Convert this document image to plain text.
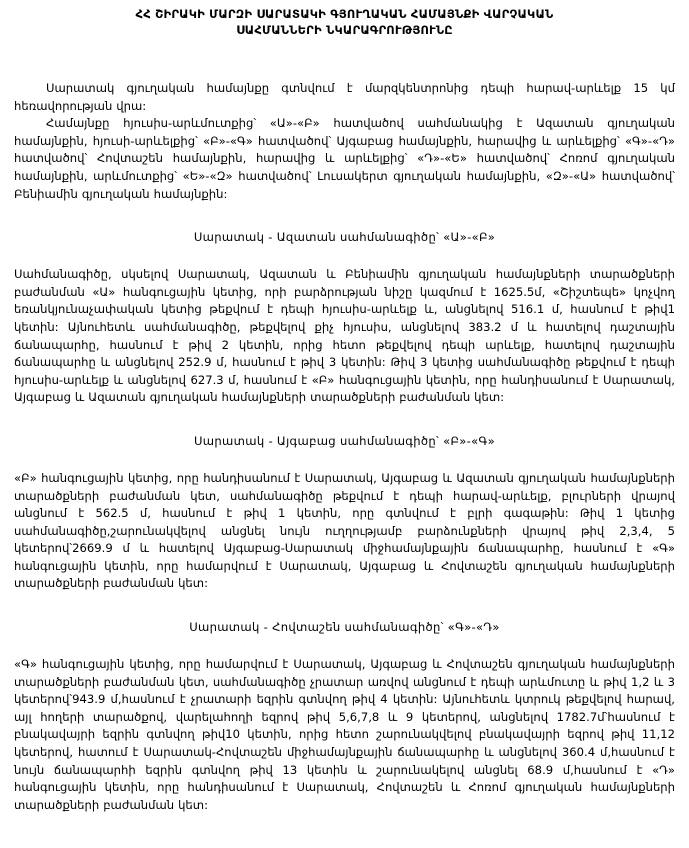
ՀՀ ՇԻՐԱԿԻ ՄԱՐԶԻ ՍԱՐԱՏԱԿԻ ԳՅՈՒՂԱԿԱՆ ՀԱՄԱՅՆՔԻ ՎԱՐՉԱԿԱՆ
ՍԱՀՄԱՆՆԵՐԻ ՆԿԱՐԱԳՐՈՒԹՅՈՒՆԸ

Սարատակ գյուղական համայնքը գտնվում է մարզկենտրոնից դեպի հարավ-արևելք 15 կմ հեռավորության վրա:

Համայնքը հյուսիս-արևմուտքից՝ «Ա»-«Բ» հատվածով սահմանակից է Ազատան գյուղական համայնքին, հյուսի-արևելքից՝ «Բ»-«Գ» հատվածով՝ Այգաբաց համայնքին, հարավից և արևելքից՝ «Գ»-«Դ» հատվածով՝ Հովտաշեն համայնքին, հարավից և արևելքից՝ «Դ»-«Ե» հատվածով՝ Հոռոմ գյուղական համայնքին, արևմուտքից՝ «Ե»-«Զ» հատվածով՝ Լուսակերտ գյուղական համայնքին, «Զ»-«Ա» հատվածով՝ Բենիամին գյուղական համայնքին:

Սարատակ - Ազատան սահմանագիծը՝ «Ա»-«Բ»

Սահմանագիծը, սկսելով Սարատակ, Ազատան և Բենիամին գյուղական համայնքների տարածքների բաժանման «Ա» հանգուցային կետից, որի բարձրության նիշը կազմում է 1625.5մ, «Շիշտեպե» կոչվող եռանկյունաչափական կետից թեքվում է դեպի հյուսիս-արևելք և, անցնելով 516.1 մ, հասնում է թիվ1 կետին: Այնուհետև սահմանագիծը, թեքվելով քիչ հյուսիս, անցնելով 383.2 մ և հատելով դաշտային ճանապարհը, հասնում է թիվ 2 կետին, որից հետո թեքվելով դեպի արևելք, հատելով դաշտային ճանապարհը և անցնելով 252.9 մ, հասնում է թիվ 3 կետին: Թիվ 3 կետից սահմանագիծը թեքվում է դեպի հյուսիս-արևելք և անցնելով 627.3 մ, հասնում է «Բ» հանգուցային կետին, որը հանդիսանում է Սարատակ, Այգաբաց և Ազատան գյուղական համայնքների տարածքների բաժանման կետ:

Սարատակ - Այգաբաց սահմանագիծը՝ «Բ»-«Գ»

«Բ» հանգուցային կետից, որը հանդիսանում է Սարատակ, Այգաբաց և Ազատան գյուղական համայնքների տարածքների բաժանման կետ, սահմանագիծը թեքվում է դեպի հարավ-արևելք, բլուրների վրայով անցնում է 562.5 մ, հասնում է թիվ 1 կետին, որը գտնվում է բլրի գագաթին: Թիվ 1 կետից սահմանագիծը,շարունակվելով անցնել նույն ուղղությամբ բարձունքների վրայով թիվ 2,3,4, 5 կետերով՝2669.9 մ և հատելով Այգաբաց-Սարատակ միջհամայնքային ճանապարհը, հասնում է «Գ» հանգուցային կետին, որը համարվում է Սարատակ, Այգաբաց և Հովտաշեն գյուղական համայնքների տարածքների բաժանման կետ:

Սարատակ - Հովտաշեն սահմանագիծը՝ «Գ»-«Դ»

«Գ» հանգուցային կետից, որը համարվում է Սարատակ, Այգաբաց և Հովտաշեն գյուղական համայնքների տարածքների բաժանման կետ, սահմանագիծը չրատար առվով անցնում է դեպի արևմուտը և թիվ 1,2 և 3 կետերով՝943.9 մ,հասնում է չրատարի եզրին գտնվող թիվ 4 կետին: Այնուհետև կտրուկ թեքվելով հարավ, այլ հողերի տարածքով, վարելահողի եզրով թիվ 5,6,7,8 և 9 կետերով, անցնելով 1782.7մ՝հասնում է բնակավայրի եզրին գտնվող թիվ10 կետին, որից հետո շարունակվելով բնակավայրի եզրով թիվ 11,12 կետերով, հատում է Սարատակ-Հովտաշեն միջհամայնքային ճանապարհը և անցնելով 360.4 մ,հասնում է նույն ճանապարհի եզրին գտնվող թիվ 13 կետին և շարունակելով անցնել 68.9 մ,հասնում է «Դ» հանգուցային կետին, որը հանդիսանում է Սարատակ, Հովտաշեն և Հոռոմ գյուղական համայնքների տարածքների բաժանման կետ:
